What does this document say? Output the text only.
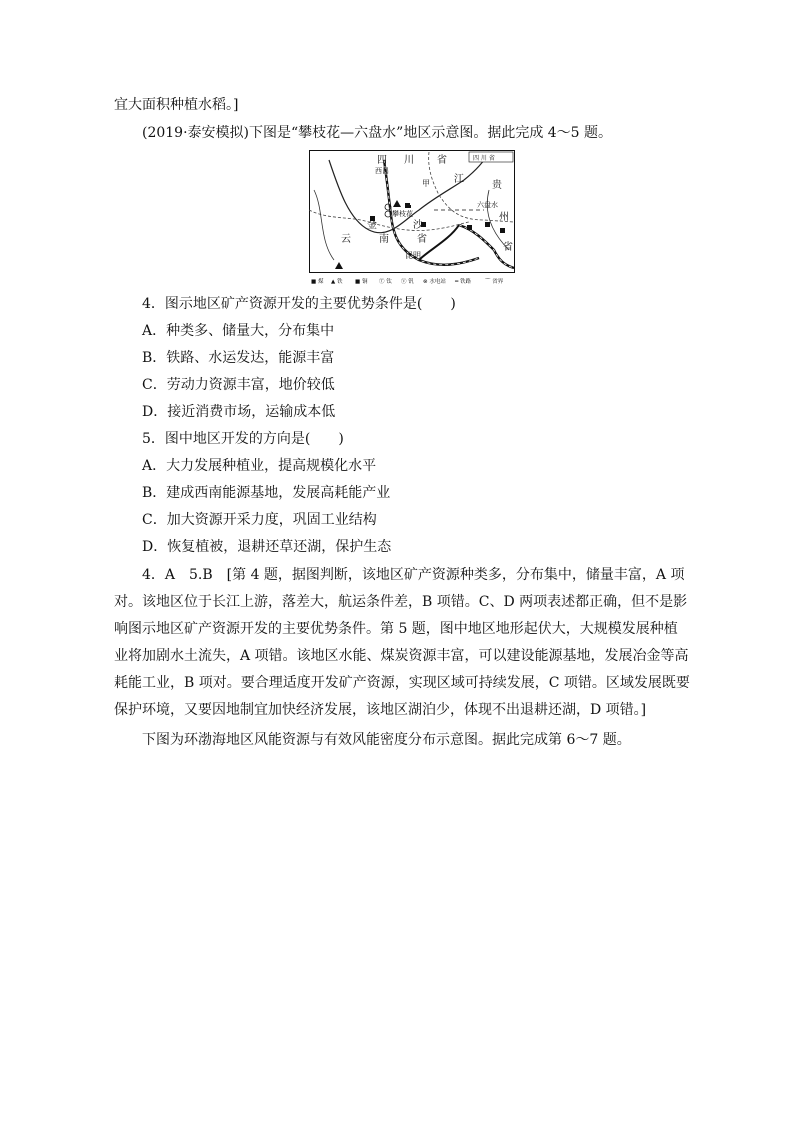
宜大面积种植水稻。]
(2019·泰安模拟)下图是“攀枝花—六盘水”地区示意图。据此完成 4～5 题。
四 川 省
西昌
四 川 省
甲 江
贵
州
省
六盘水
攀枝花
金	沙
云	南	省
昆明
■ 煤 ▲ 铁 ■ 铜 Ⓣ 钛 Ⓥ 钒 ⊗ 水电站 ━ 铁路	⌒ 省界
4．图示地区矿产资源开发的主要优势条件是(　　)
A．种类多、储量大，分布集中
B．铁路、水运发达，能源丰富
C．劳动力资源丰富，地价较低
D．接近消费市场，运输成本低
5．图中地区开发的方向是(　　)
A．大力发展种植业，提高规模化水平
B．建成西南能源基地，发展高耗能产业
C．加大资源开采力度，巩固工业结构
D．恢复植被，退耕还草还湖，保护生态
4．A　5.B　[第 4 题，据图判断，该地区矿产资源种类多，分布集中，储量丰富，A 项
对。该地区位于长江上游，落差大，航运条件差，B 项错。C、D 两项表述都正确，但不是影
响图示地区矿产资源开发的主要优势条件。第 5 题，图中地区地形起伏大，大规模发展种植
业将加剧水土流失，A 项错。该地区水能、煤炭资源丰富，可以建设能源基地，发展冶金等高
耗能工业，B 项对。要合理适度开发矿产资源，实现区域可持续发展，C 项错。区域发展既要
保护环境，又要因地制宜加快经济发展，该地区湖泊少，体现不出退耕还湖，D 项错。]
下图为环渤海地区风能资源与有效风能密度分布示意图。据此完成第 6～7 题。
